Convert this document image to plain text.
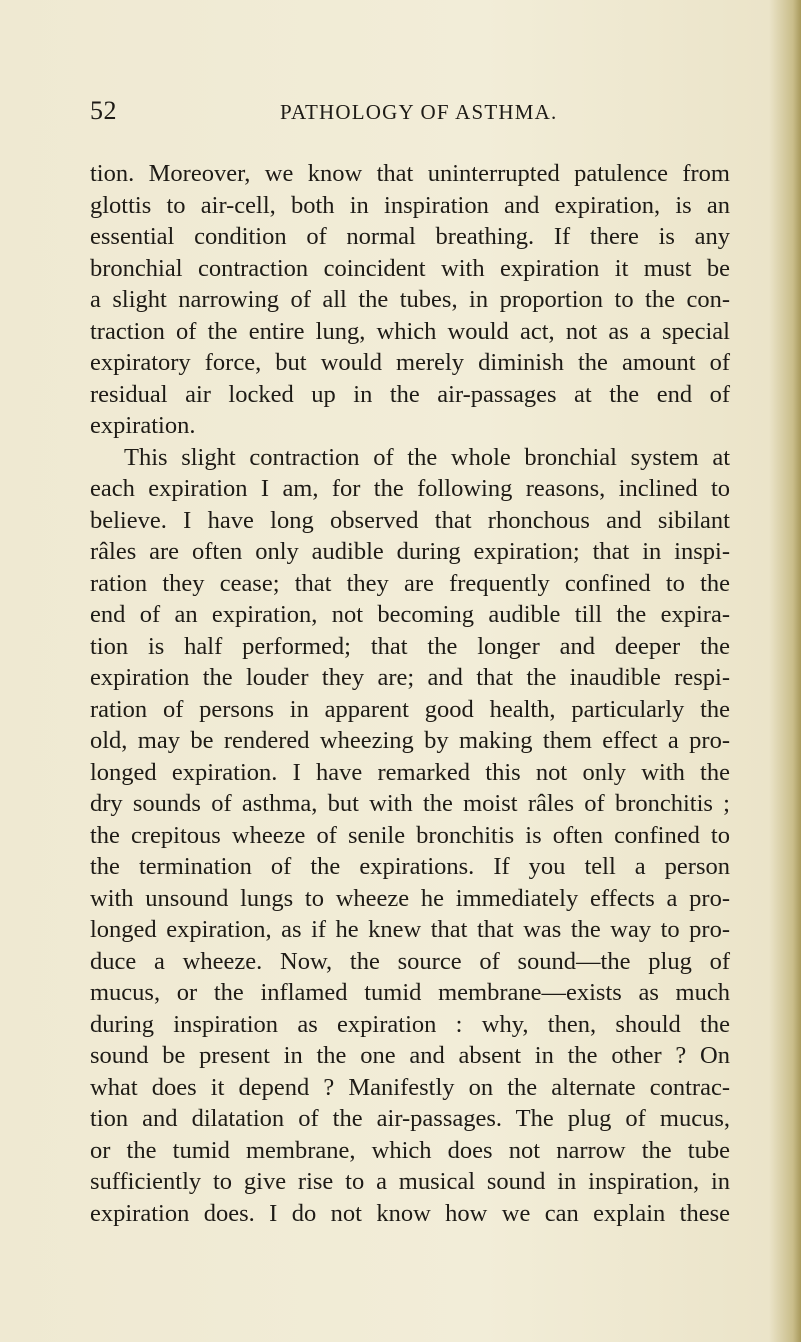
52	PATHOLOGY OF ASTHMA.
tion. Moreover, we know that uninterrupted patulence from
glottis to air-cell, both in inspiration and expiration, is an
essential condition of normal breathing. If there is any
bronchial contraction coincident with expiration it must be
a slight narrowing of all the tubes, in proportion to the con-
traction of the entire lung, which would act, not as a special
expiratory force, but would merely diminish the amount of
residual air locked up in the air-passages at the end of
expiration.
This slight contraction of the whole bronchial system at
each expiration I am, for the following reasons, inclined to
believe. I have long observed that rhonchous and sibilant
râles are often only audible during expiration; that in inspi-
ration they cease; that they are frequently confined to the
end of an expiration, not becoming audible till the expira-
tion is half performed; that the longer and deeper the
expiration the louder they are; and that the inaudible respi-
ration of persons in apparent good health, particularly the
old, may be rendered wheezing by making them effect a pro-
longed expiration. I have remarked this not only with the
dry sounds of asthma, but with the moist râles of bronchitis ;
the crepitous wheeze of senile bronchitis is often confined to
the termination of the expirations. If you tell a person
with unsound lungs to wheeze he immediately effects a pro-
longed expiration, as if he knew that that was the way to pro-
duce a wheeze. Now, the source of sound—the plug of
mucus, or the inflamed tumid membrane—exists as much
during inspiration as expiration : why, then, should the
sound be present in the one and absent in the other ? On
what does it depend ? Manifestly on the alternate contrac-
tion and dilatation of the air-passages. The plug of mucus,
or the tumid membrane, which does not narrow the tube
sufficiently to give rise to a musical sound in inspiration, in
expiration does. I do not know how we can explain these
